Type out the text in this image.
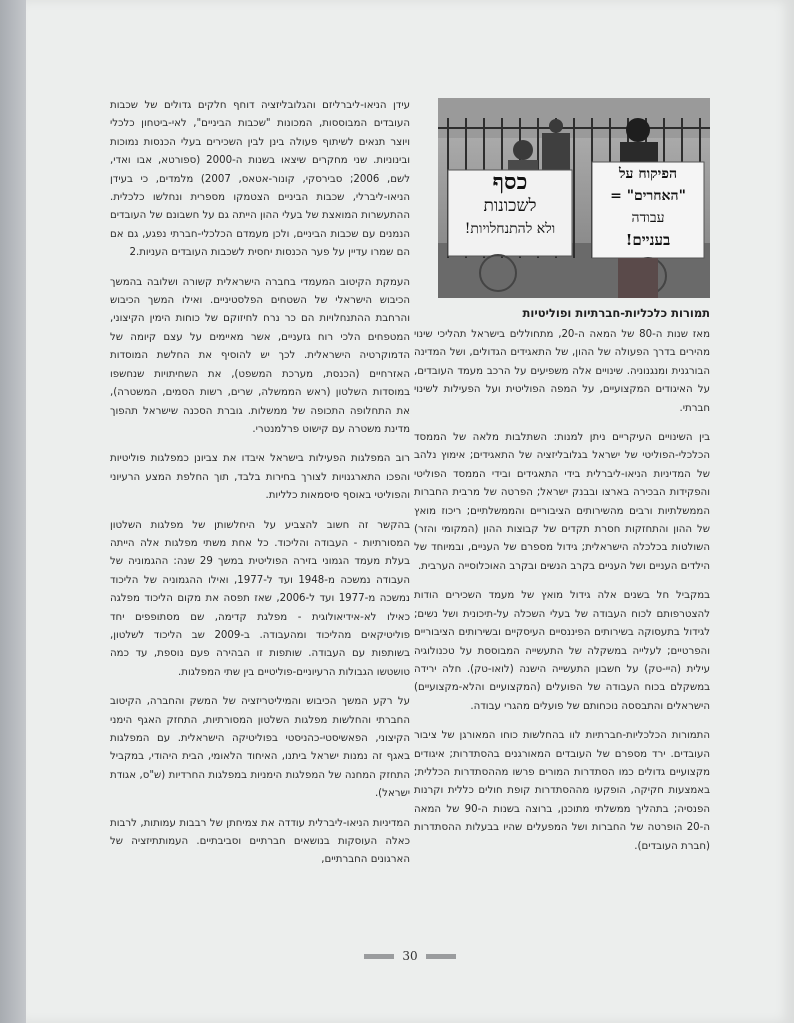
כסף
לשכונות
ולא להתנחלויות!
הפיקוח על
"האחרים" =
עבודה
בעניים!
תמורות כלכליות-חברתיות ופוליטיות

מאז שנות ה-80 של המאה ה-20, מתחוללים בישראל תהליכי שינוי מהירים בדרך הפעולה של ההון, של התאגידים הגדולים, ושל המדינה הבורגנית ומנגנוניה. שינויים אלה משפיעים על הרכב מעמד העובדים, על האיגודים המקצועיים, על המפה הפוליטית ועל הפעילות לשינוי חברתי.

בין השינויים העיקריים ניתן למנות: השתלבות מלאה של הממסד הכלכלי-הפוליטי של ישראל בגלובליזציה של התאגידים; אימוץ נלהב של המדיניות הניאו-ליברלית בידי התאגידים ובידי הממסד הפוליטי והפקידות הבכירה בארצו ובבנק ישראל; הפרטה של מרבית החברות הממשלתיות ורבים מהשירותים הציבוריים והממשלתיים; ריכוז מואץ של ההון והתחזקות חסרת תקדים של קבוצות ההון (המקומי והזר) השולטות בכלכלה הישראלית; גידול מספרם של העניים, ובמיוחד של הילדים העניים ושל העניים בקרב הנשים ובקרב האוכלוסייה הערבית.

במקביל חל בשנים אלה גידול מואץ של מעמד השכירים הודות להצטרפותם לכוח העבודה של בעלי השכלה על-תיכונית ושל נשים; לגידול בתעסוקה בשירותים הפיננסיים העיסקיים ובשירותים הציבוריים והפרטיים; לעלייה במשקלה של התעשייה המבוססת על טכנולוגיה עילית (היי-טק) על חשבון התעשייה הישנה (לואו-טק). חלה ירידה במשקלם בכוח העבודה של הפועלים (המקצועיים והלא-מקצועיים) הישראלים והתבססה נוכחותם של פועלים מהגרי עבודה.

התמורות הכלכליות-חברתיות לוו בהחלשות כוחו המאורגן של ציבור העובדים. ירד מספרם של העובדים המאורגנים בהסתדרות; איגודים מקצועיים גדולים כמו הסתדרות המורים פרשו מההסתדרות הכללית; באמצעות חקיקה, הופקעו מההסתדרות קופת חולים כללית וקרנות הפנסיה; בתהליך ממשלתי מתוכנן, ברוצה בשנות ה-90 של המאה ה-20 הופרטה של החברות ושל המפעלים שהיו בבעלות ההסתדרות (חברת העובדים).

עידן הניאו-ליברליזם והגלובליזציה דוחף חלקים גדולים של שכבות העובדים המבוססות, המכונות "שכבות הביניים", לאי-ביטחון כלכלי ויוצר תנאים לשיתוף פעולה בינן לבין השכירים בעלי הכנסות נמוכות ובינוניות. שני מחקרים שיצאו בשנות ה-2000 (ספורטא, אבו ואדי, לשם, 2006; סבירסקי, קונור-אטאס, 2007) מלמדים, כי בעידן הניאו-ליברלי, שכבות הביניים הצטמקו מספרית ונחלשו כלכלית. ההתעשרות המואצת של בעלי ההון הייתה גם על חשבונם של העובדים הנמנים עם שכבות הביניים, ולכן מעמדם הכלכלי-חברתי נפגע, גם אם הם שמרו עדיין על פער הכנסות יחסית לשכבות העובדים העניות.2

העמקת הקיטוב המעמדי בחברה הישראלית קשורה ושלובה בהמשך הכיבוש הישראלי של השטחים הפלסטיניים. ואילו המשך הכיבוש והרחבת ההתנחלויות הם כר נרח לחיזוקם של כוחות הימין הקיצוני, המטפחים הלכי רוח גזעניים, אשר מאיימים על עצם קיומה של הדמוקרטיה הישראלית. לכך יש להוסיף את החלשת המוסדות האזרחיים (הכנסת, מערכת המשפט), את השחיתויות שנחשפו במוסדות השלטון (ראש הממשלה, שרים, רשות הסמים, המשטרה), את התחלופה התכופה של ממשלות. גוברת הסכנה שישראל תהפוך מדינת משטרה עם קישוט פרלמנטרי.

רוב המפלגות הפעילות בישראל איבדו את צביונן כמפלגות פוליטיות והפכו התארגנויות לצורך בחירות בלבד, תוך החלפת המצע הרעיוני והפוליטי באוסף סיסמאות כלליות.

בהקשר זה חשוב להצביע על היחלשותן של מפלגות השלטון המסורתיות - העבודה והליכוד. כל אחת משתי מפלגות אלה הייתה בעלת מעמד הגמוני בזירה הפוליטית במשך 29 שנה: ההגמוניה של העבודה נמשכה מ-1948 ועד ל-1977, ואילו ההגמוניה של הליכוד נמשכה מ-1977 ועד ל-2006, שאז תפסה את מקום הליכוד מפלגה כאילו לא-אידיאולוגית - מפלגת קדימה, שם מסתופפים יחד פוליטיקאים מהליכוד ומהעבודה. ב-2009 שב הליכוד לשלטון, בשותפות עם העבודה. שותפות זו הבהירה פעם נוספת, עד כמה טושטשו הגבולות הרעיוניים-פוליטיים בין שתי המפלגות.

על רקע המשך הכיבוש והמיליטריזציה של המשק והחברה, הקיטוב החברתי והחלשות מפלגות השלטון המסורתיות, התחזק האגף הימני הקיצוני, הפאשיסטי-כהניסטי בפוליטיקה הישראלית. עם המפלגות באגף זה נמנות ישראל ביתנו, האיחוד הלאומי, הבית היהודי, במקביל התחזק המחנה של המפלגות הימניות במפלגות החרדיות (ש"ס, אגודת ישראל).

המדיניות הניאו-ליברלית עודדה את צמיחתן של רבבות עמותות, לרבות כאלה העוסקות בנושאים חברתיים וסביבתיים. העמותתיזציה של הארגונים החברתיים,

30
